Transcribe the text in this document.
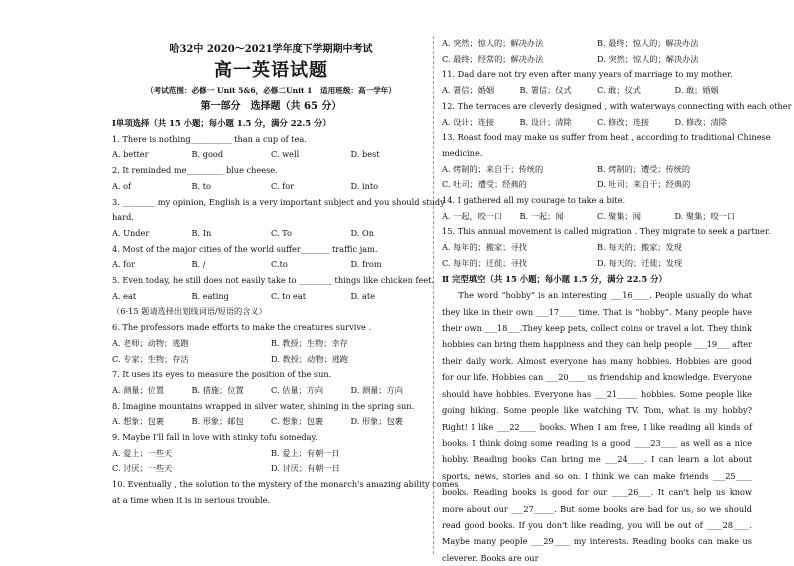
哈32中 2020～2021学年度下学期期中考试
高一英语试题
（考试范围：必修一 Unit 5&6，必修二Unit 1　适用班级：高一学年）
第一部分　选择题（共 65 分）
Ⅰ单项选择（共 15 小题；每小题 1.5 分，满分 22.5 分）
1. There is nothing__________ than a cup of tea.
A. better	B. good	C. well	D. best
2. It reminded me_________ blue cheese.
A. of	B. to	C. for	D. into
3. ________ my opinion, English is a very important subject and you should study
hard.
A. Under	B. In	C. To	D. On
4. Most of the major cities of the world suffer_______ traffic jam.
A. for	B. /	C.to	D. from
5. Even today, he still does not easily take to ________ things like chicken feet.
A. eat	B. eating	C. to eat	D. ate
（6-15 题请选择出划线词语/短语的含义）
6. The professors made efforts to make the creatures survive .
A. 老师；动物；逃跑	B. 教授；生物；幸存
C. 专家；生物；存活	D. 教授；动物；逃跑
7. It uses its eyes to measure the position of the sun.
A. 测量；位置	B. 措施；位置	C. 估量；方向	D. 测量；方向
8. Imagine mountains wrapped in silver water, shining in the spring sun.
A. 想象；包裹	B. 形象；邮包	C. 想象；包裹	D. 形象；包裹
9. Maybe I'll fall in love with stinky tofu someday.
A. 爱上；一些天	B. 爱上；有朝一日
C. 讨厌；一些天	D. 讨厌；有朝一日
10. Eventually , the solution to the mystery of the monarch's amazing ability comes
at a time when it is in serious trouble.
A. 突然；惊人的；解决办法	B. 最终；惊人的；解决办法
C. 最终；经常的；解决办法	D. 突然；惊人的；解决办法
11. Dad dare not try even after many years of marriage to my mother.
A. 署信；婚姻	B. 署信；仪式	C. 敢；仪式	D. 敢；婚姻
12. The terraces are cleverly designed , with waterways connecting with each other
A. 设计；连接	B. 设计；清除	C. 修改；连接	D. 修改；清除
13. Roast food may make us suffer from heat , according to traditional Chinese
medicine.
A. 烤制的；来自于；传统的	B. 烤制的；遭受；传统的
C. 吐司；遭受；经典的	D. 吐司；来自于；经典的
14. I gathered all my courage to take a bite.
A. 一起，咬一口	B. 一起；闻	C. 聚集；闻	D. 聚集；咬一口
15. This annual movement is called migration . They migrate to seek a partner.
A. 每年的；搬家；寻找	B. 每天的；搬家；发现
C. 每年的；迁徙；寻找	D. 每天的；迁徙；发现
Ⅱ 完型填空（共 15 小题；每小题 1.5 分，满分 22.5 分）
The word “hobby” is an interesting ___16____. People usually do what they like in their own ___17____ time. That is “hobby”. Many people have their own ___18___.They keep pets, collect coins or travel a lot. They think hobbies can bring them happiness and they can help people ___19___ after their daily work. Almost everyone has many hobbies. Hobbies are good for our life. Hobbies can ___20____ us friendship and knowledge. Everyone should have hobbies. Everyone has ___21_____ hobbies. Some people like going hiking. Some people like watching TV. Tom, what is my hobby? Right! I like ___22____ books. When I am free, I like reading all kinds of books. I think doing some reading is a good ____23____ as well as a nice hobby. Reading books Can bring me ___24____. I can learn a lot about sports, news, stories and so on. I think we can make friends ___25____ books. Reading books is good for our ____26___. It can't help us know more about our ___27_____. But some books are bad for us, so we should read good books. If you don't like reading, you will be out of ____28____. Maybe many people ___29____ my interests. Reading books can make us cleverer. Books are our
